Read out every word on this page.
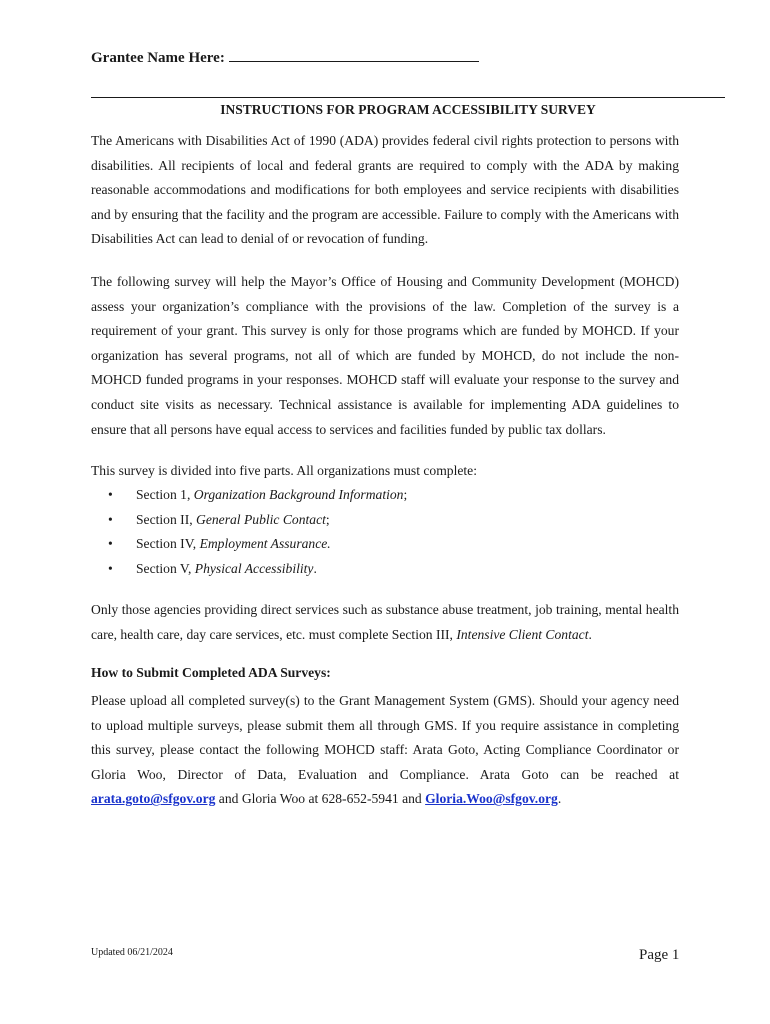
Grantee Name Here:
INSTRUCTIONS FOR PROGRAM ACCESSIBILITY SURVEY

The Americans with Disabilities Act of 1990 (ADA) provides federal civil rights protection to persons with disabilities. All recipients of local and federal grants are required to comply with the ADA by making reasonable accommodations and modifications for both employees and service recipients with disabilities and by ensuring that the facility and the program are accessible. Failure to comply with the Americans with Disabilities Act can lead to denial of or revocation of funding.

The following survey will help the Mayor’s Office of Housing and Community Development (MOHCD) assess your organization’s compliance with the provisions of the law. Completion of the survey is a requirement of your grant. This survey is only for those programs which are funded by MOHCD. If your organization has several programs, not all of which are funded by MOHCD, do not include the non-MOHCD funded programs in your responses. MOHCD staff will evaluate your response to the survey and conduct site visits as necessary. Technical assistance is available for implementing ADA guidelines to ensure that all persons have equal access to services and facilities funded by public tax dollars.

This survey is divided into five parts. All organizations must complete:

• Section 1, Organization Background Information;
• Section II, General Public Contact;
• Section IV, Employment Assurance.
• Section V, Physical Accessibility.

Only those agencies providing direct services such as substance abuse treatment, job training, mental health care, health care, day care services, etc. must complete Section III, Intensive Client Contact.

How to Submit Completed ADA Surveys:

Please upload all completed survey(s) to the Grant Management System (GMS). Should your agency need to upload multiple surveys, please submit them all through GMS. If you require assistance in completing this survey, please contact the following MOHCD staff: Arata Goto, Acting Compliance Coordinator or Gloria Woo, Director of Data, Evaluation and Compliance. Arata Goto can be reached at arata.goto@sfgov.org and Gloria Woo at 628-652-5941 and Gloria.Woo@sfgov.org.

Updated 06/21/2024	Page 1
